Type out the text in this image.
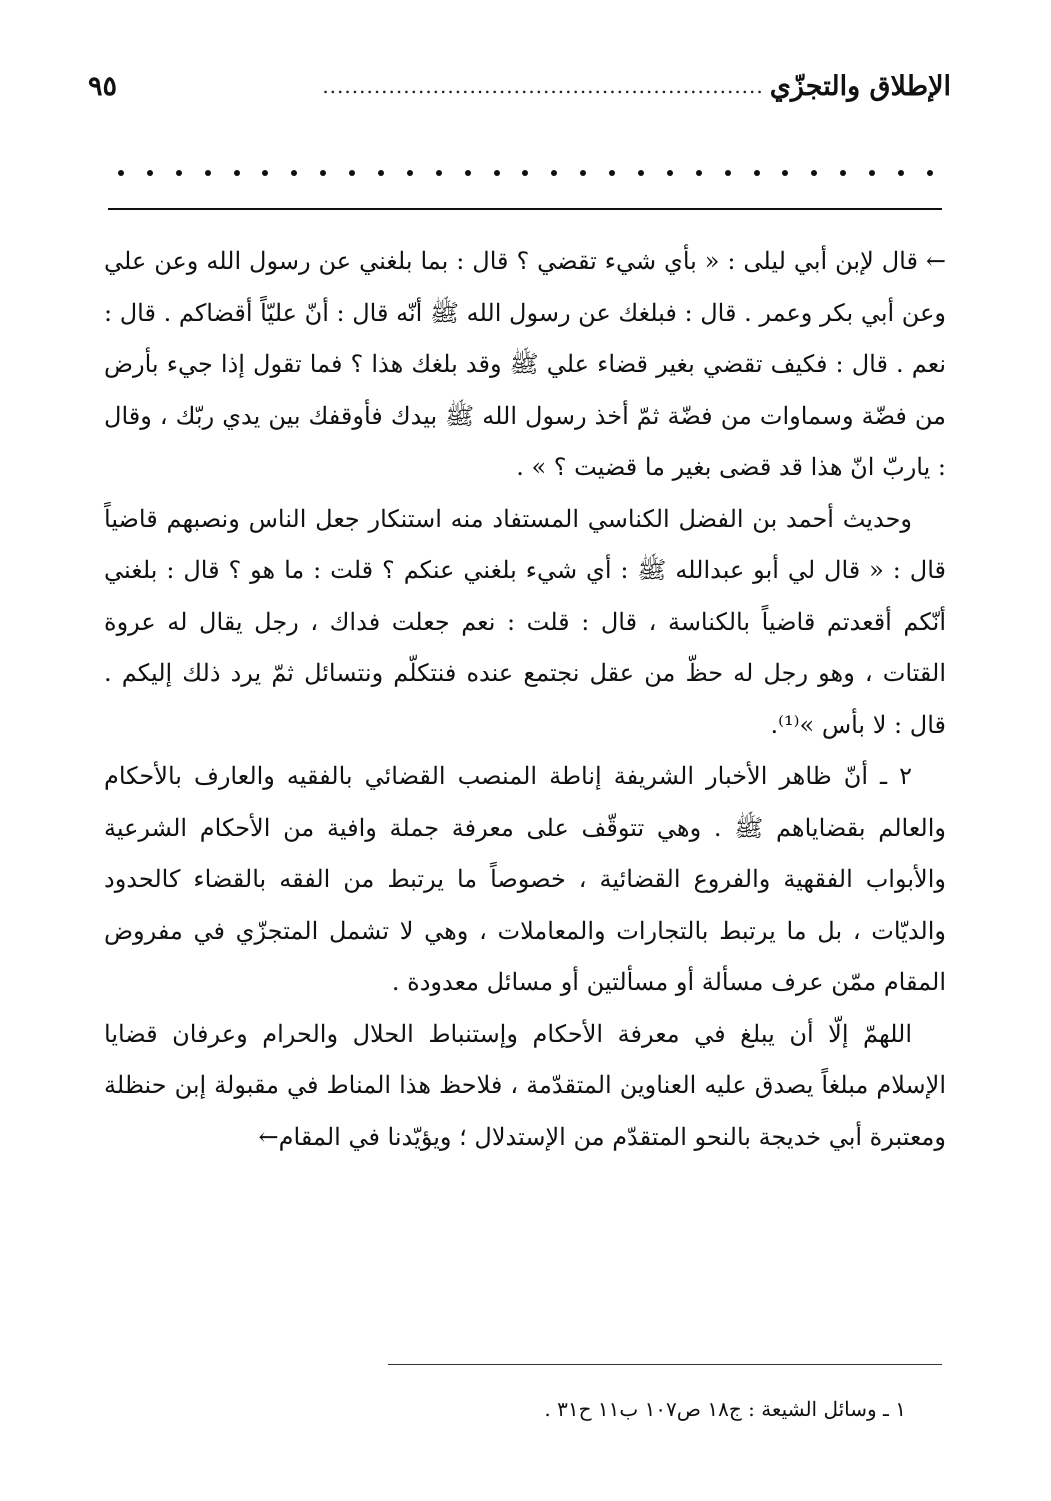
الإطلاق والتجزّي
............................................................
٩٥

← قال لإبن أبي ليلى : « بأي شيء تقضي ؟ قال : بما بلغني عن رسول الله وعن علي وعن أبي بكر وعمر . قال : فبلغك عن رسول الله ﷺ أنّه قال : أنّ عليّاً أقضاكم . قال : نعم . قال : فكيف تقضي بغير قضاء علي ﷺ وقد بلغك هذا ؟ فما تقول إذا جيء بأرض من فضّة وسماوات من فضّة ثمّ أخذ رسول الله ﷺ بيدك فأوقفك بين يدي ربّك ، وقال : ياربّ انّ هذا قد قضى بغير ما قضيت ؟ » .

وحديث أحمد بن الفضل الكناسي المستفاد منه استنكار جعل الناس ونصبهم قاضياً قال : « قال لي أبو عبدالله ﷺ : أي شيء بلغني عنكم ؟ قلت : ما هو ؟ قال : بلغني أنّكم أقعدتم قاضياً بالكناسة ، قال : قلت : نعم جعلت فداك ، رجل يقال له عروة القتات ، وهو رجل له حظّ من عقل نجتمع عنده فنتكلّم ونتسائل ثمّ يرد ذلك إليكم . قال : لا بأس »⁽¹⁾.

٢ ـ أنّ ظاهر الأخبار الشريفة إناطة المنصب القضائي بالفقيه والعارف بالأحكام والعالم بقضاياهم ﷺ . وهي تتوقّف على معرفة جملة وافية من الأحكام الشرعية والأبواب الفقهية والفروع القضائية ، خصوصاً ما يرتبط من الفقه بالقضاء كالحدود والديّات ، بل ما يرتبط بالتجارات والمعاملات ، وهي لا تشمل المتجزّي في مفروض المقام ممّن عرف مسألة أو مسألتين أو مسائل معدودة .

اللهمّ إلّا أن يبلغ في معرفة الأحكام وإستنباط الحلال والحرام وعرفان قضايا الإسلام مبلغاً يصدق عليه العناوين المتقدّمة ، فلاحظ هذا المناط في مقبولة إبن حنظلة ومعتبرة أبي خديجة بالنحو المتقدّم من الإستدلال ؛ ويؤيّدنا في المقام←

١ ـ وسائل الشيعة : ج١٨ ص١٠٧ ب١١ ح٣١ .
